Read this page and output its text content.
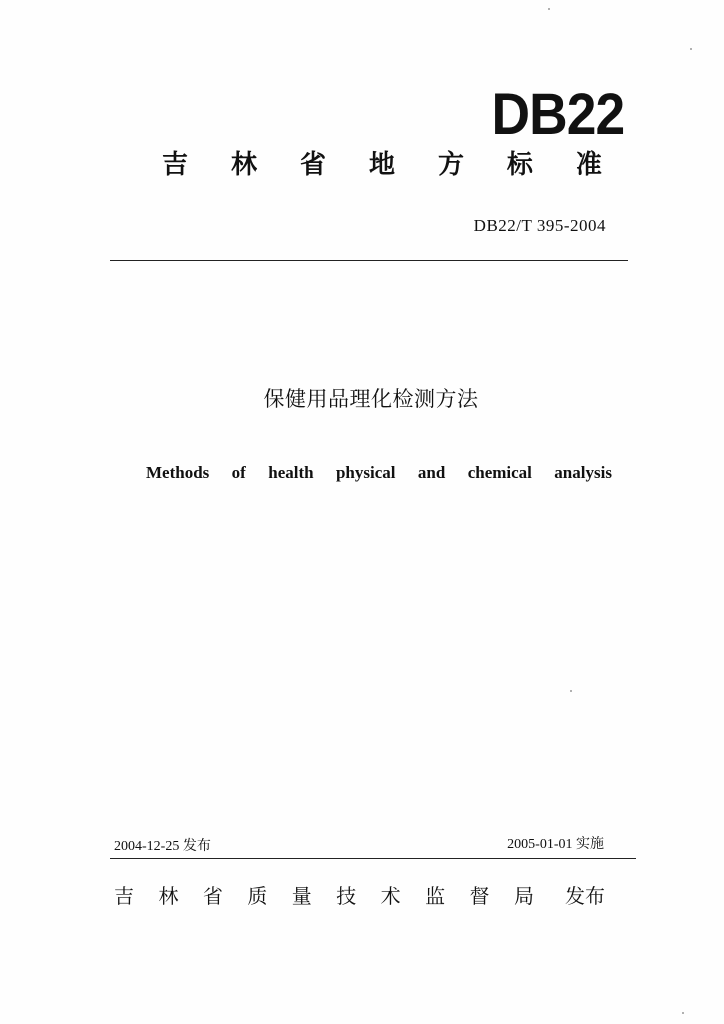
DB22
吉 林 省 地 方 标 准
DB22/T 395-2004
保健用品理化检测方法
Methods of health physical and chemical analysis
2004-12-25 发布	2005-01-01 实施
吉 林 省 质 量 技 术 监 督 局 发布
